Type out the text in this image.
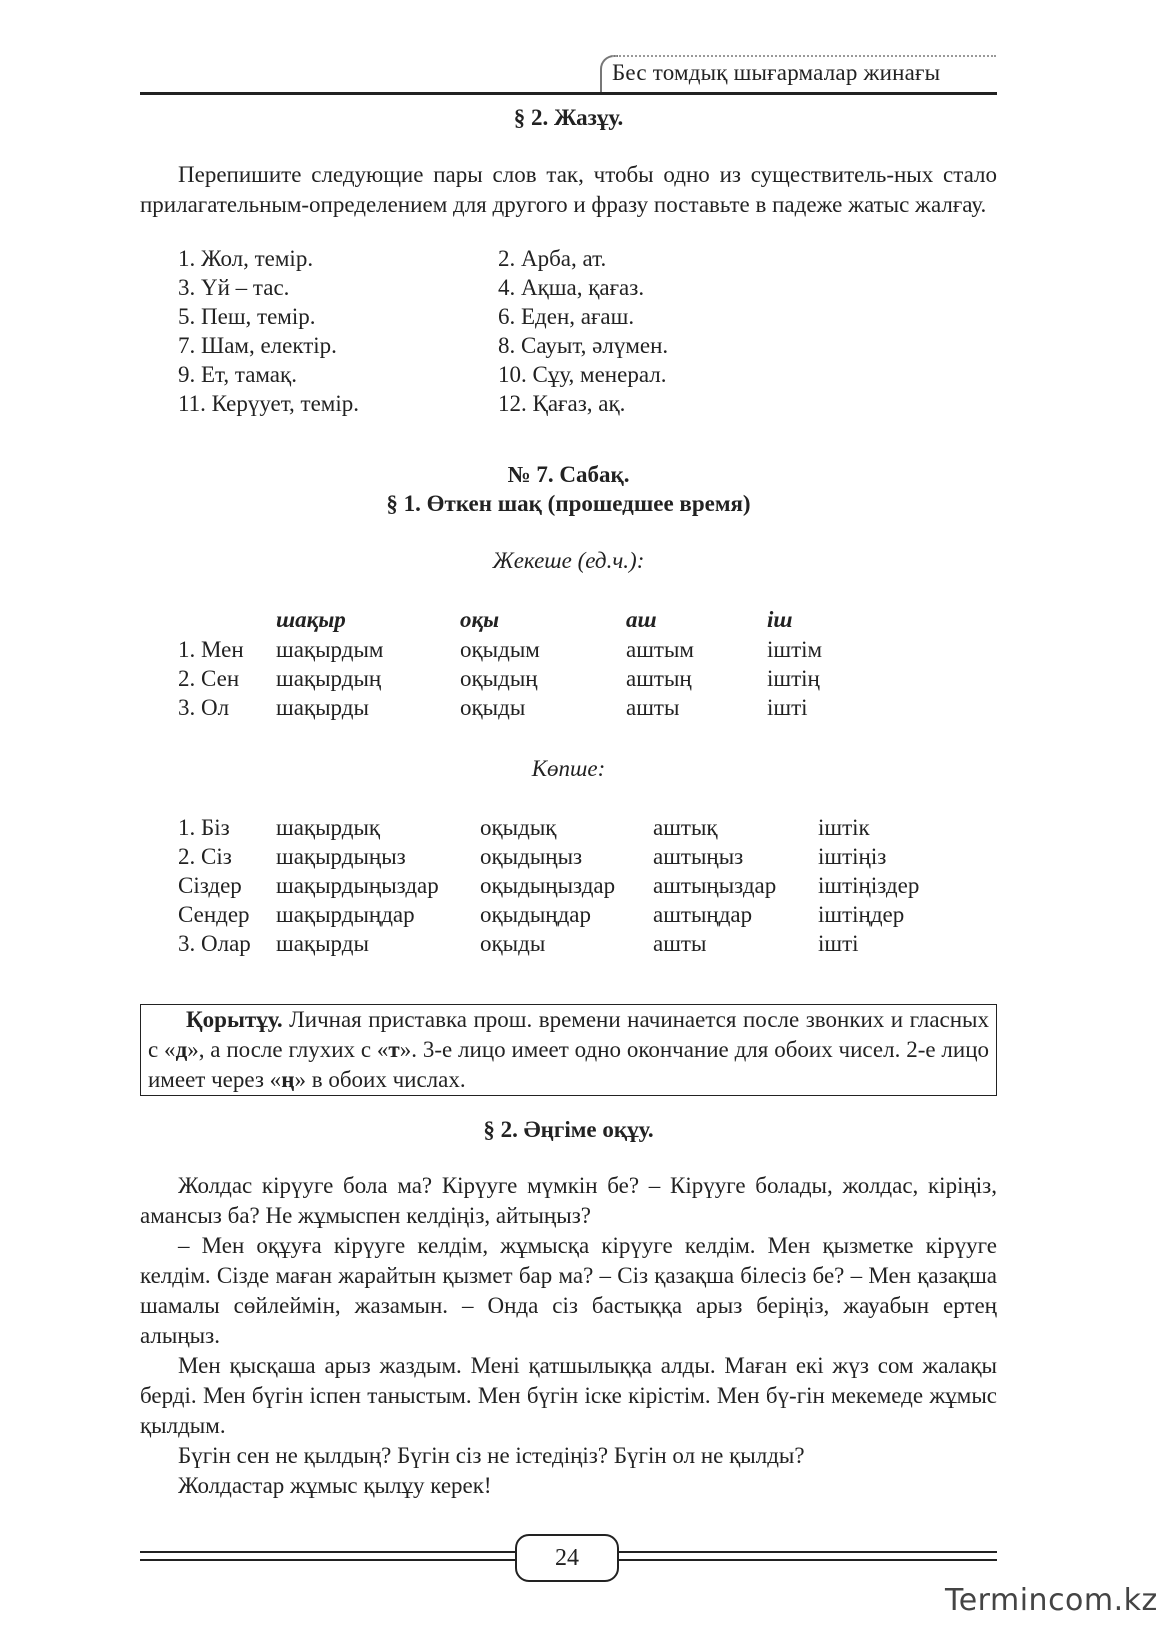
Бес томдық шығармалар жинағы
§ 2. Жазұу.

Перепишите следующие пары слов так, чтобы одно из существитель-ных стало прилагательным-определением для другого и фразу поставьте в падеже жатыс жалғау.

1. Жол, темір.	2. Арба, ат.
3. Үй – тас.	4. Ақша, қағаз.
5. Пеш, темір.	6. Еден, ағаш.
7. Шам, електір.	8. Сауыт, әлүмен.
9. Ет, тамақ.	10. Сұу, менерал.
11. Керүует, темір.	12. Қағаз, ақ.
№ 7. Сабақ.
§ 1. Өткен шақ (прошедшее время)
Жекеше (ед.ч.):
шақыр	оқы	аш	іш
1. Мен шақырдым	оқыдым	аштым	іштім
2. Сен шақырдың	оқыдың	аштың	іштің
3. Ол шақырды	оқыды	ашты	ішті
Көпше:
1. Біз шақырдық	оқыдық	аштық	іштік
2. Сіз шақырдыңыз	оқыдыңыз	аштыңыз	іштіңіз
Сіздер шақырдыңыздар оқыдыңыздар аштыңыздар іштіңіздер
Сендер шақырдыңдар	оқыдыңдар	аштыңдар	іштіңдер
3. Олар шақырды	оқыды	ашты	ішті
Қорытұу. Личная приставка прош. времени начинается после звонких и гласных с «д», а после глухих с «т». 3-е лицо имеет одно окончание для обоих чисел. 2-е лицо имеет через «ң» в обоих числах.
§ 2. Әңгіме оқұу.

Жолдас кірүуге бола ма? Кірүуге мүмкін бе? – Кірүуге болады, жолдас, кіріңіз, амансыз ба? Не жұмыспен келдіңіз, айтыңыз?

– Мен оқұуға кірүуге келдім, жұмысқа кірүуге келдім. Мен қызметке кірүуге келдім. Сізде маған жарайтын қызмет бар ма? – Сіз қазақша білесіз бе? – Мен қазақша шамалы сөйлеймін, жазамын. – Онда сіз бастыққа арыз беріңіз, жауабын ертең алыңыз.

Мен қысқаша арыз жаздым. Мені қатшылыққа алды. Маған екі жүз сом жалақы берді. Мен бүгін іспен таныстым. Мен бүгін іске кірістім. Мен бү-гін мекемеде жұмыс қылдым.

Бүгін сен не қылдың? Бүгін сіз не істедіңіз? Бүгін ол не қылды?

Жолдастар жұмыс қылұу керек!

24
Termincom.kz
